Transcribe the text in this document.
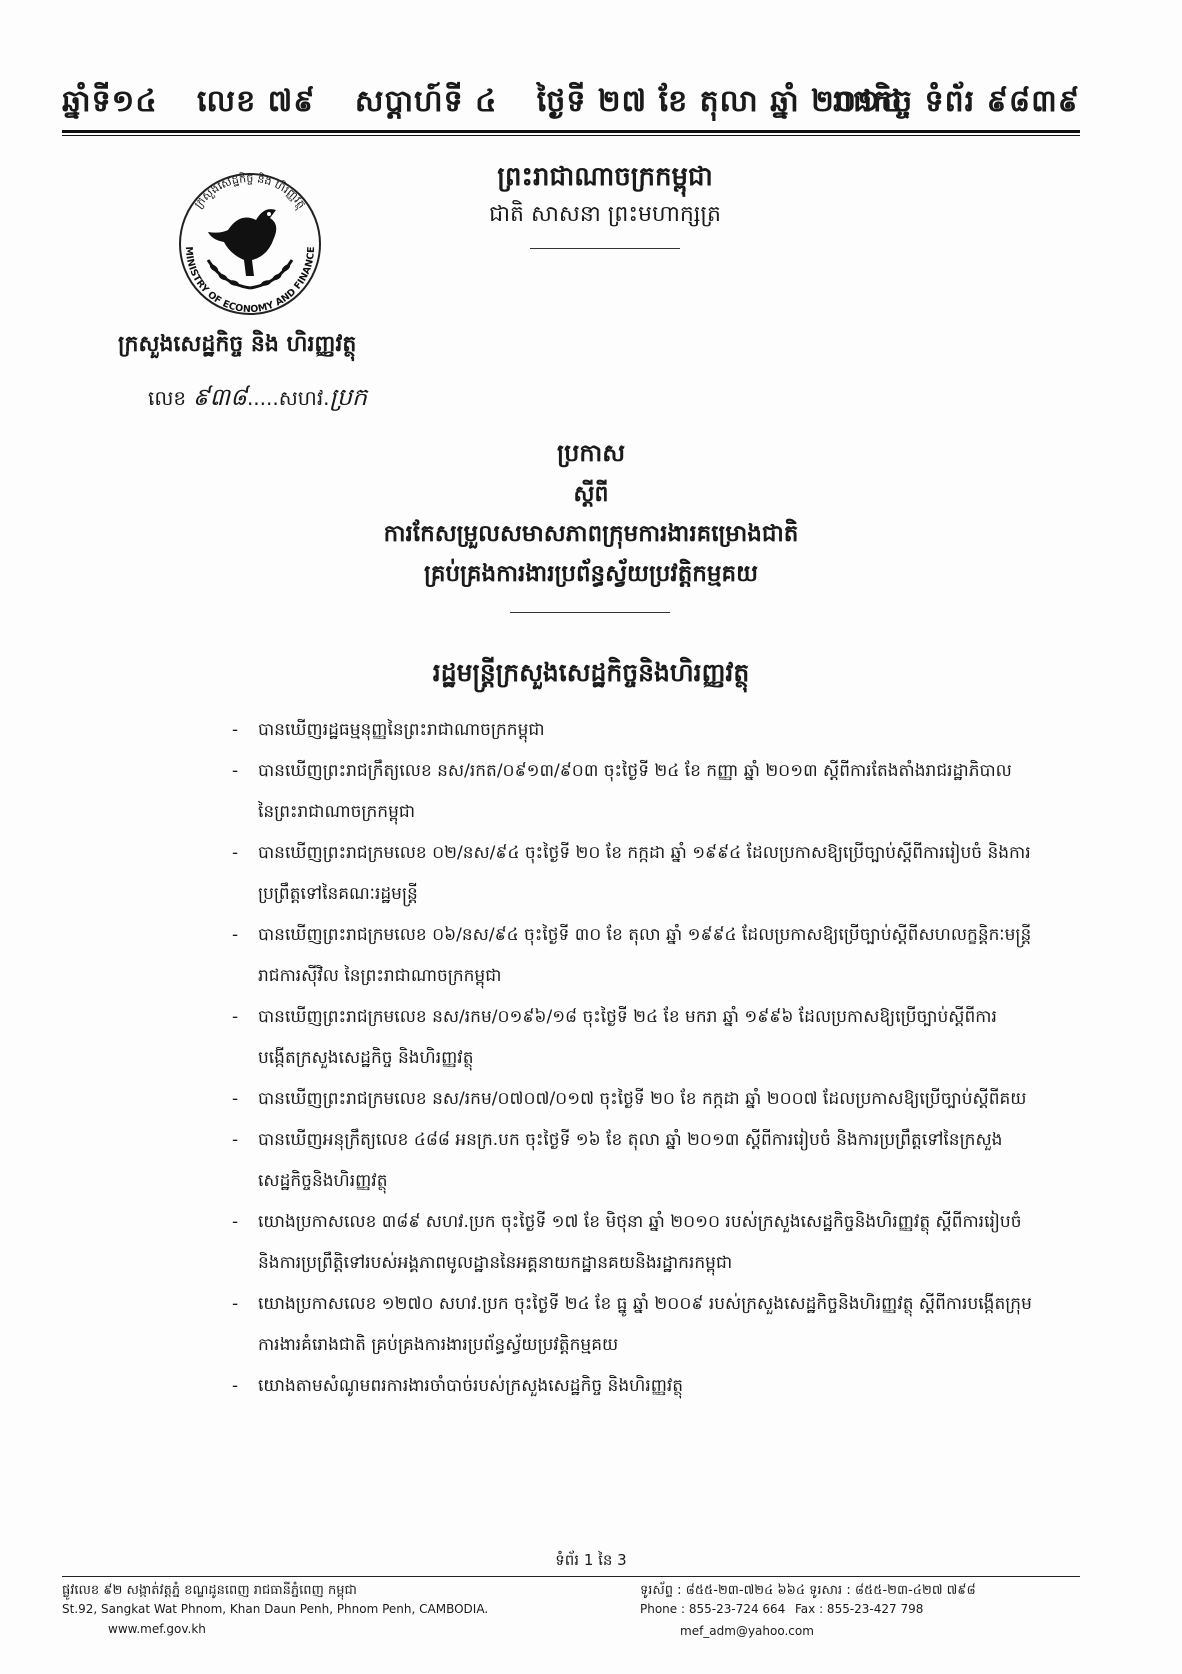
ឆ្នាំទី១៤ លេខ ៧៩ សប្តាហ៍ទី ៤ ថ្ងៃទី ២៧ ខែ តុលា ឆ្នាំ ២០១៤
រាជកិច្ច ទំព័រ ៩៨៣៩
ក្រសួងសេដ្ឋកិច្ច និង ហិរញ្ញវត្ថុ
MINISTRY OF ECONOMY AND FINANCE
ក្រសួងសេដ្ឋកិច្ច និង ហិរញ្ញវត្ថុ
លេខ ៩៣៨.....សហវ.ប្រក
ព្រះរាជាណាចក្រកម្ពុជា
ជាតិ សាសនា ព្រះមហាក្សត្រ
ប្រកាស
ស្តីពី
ការកែសម្រួលសមាសភាពក្រុមការងារគម្រោងជាតិ
គ្រប់គ្រងការងារប្រព័ន្ធស្វ័យប្រវត្តិកម្មគយ
រដ្ឋមន្ត្រីក្រសួងសេដ្ឋកិច្ចនិងហិរញ្ញវត្ថុ
- បានឃើញរដ្ឋធម្មនុញ្ញនៃព្រះរាជាណាចក្រកម្ពុជា
- បានឃើញព្រះរាជក្រឹត្យលេខ នស/រកត/០៩១៣/៩០៣ ចុះថ្ងៃទី ២៤ ខែ កញ្ញា ឆ្នាំ ២០១៣ ស្តីពីការតែងតាំងរាជរដ្ឋាភិបាល នៃព្រះរាជាណាចក្រកម្ពុជា
- បានឃើញព្រះរាជក្រមលេខ ០២/នស/៩៤ ចុះថ្ងៃទី ២០ ខែ កក្កដា ឆ្នាំ ១៩៩៤ ដែលប្រកាសឱ្យប្រើច្បាប់ស្តីពីការរៀបចំ និងការប្រព្រឹត្តទៅនៃគណៈរដ្ឋមន្ត្រី
- បានឃើញព្រះរាជក្រមលេខ ០៦/នស/៩៤ ចុះថ្ងៃទី ៣០ ខែ តុលា ឆ្នាំ ១៩៩៤ ដែលប្រកាសឱ្យប្រើច្បាប់ស្តីពីសហលក្ខន្តិកៈមន្ត្រីរាជការស៊ីវិល នៃព្រះរាជាណាចក្រកម្ពុជា
- បានឃើញព្រះរាជក្រមលេខ នស/រកម/០១៩៦/១៨ ចុះថ្ងៃទី ២៤ ខែ មករា ឆ្នាំ ១៩៩៦ ដែលប្រកាសឱ្យប្រើច្បាប់ស្តីពីការបង្កើតក្រសួងសេដ្ឋកិច្ច និងហិរញ្ញវត្ថុ
- បានឃើញព្រះរាជក្រមលេខ នស/រកម/០៧០៧/០១៧ ចុះថ្ងៃទី ២០ ខែ កក្កដា ឆ្នាំ ២០០៧ ដែលប្រកាសឱ្យប្រើច្បាប់ស្តីពីគយ
- បានឃើញអនុក្រឹត្យលេខ ៤៨៨ អនក្រ.បក ចុះថ្ងៃទី ១៦ ខែ តុលា ឆ្នាំ ២០១៣ ស្តីពីការរៀបចំ និងការប្រព្រឹត្តទៅនៃក្រសួងសេដ្ឋកិច្ចនិងហិរញ្ញវត្ថុ
- យោងប្រកាសលេខ ៣៨៩ សហវ.ប្រក ចុះថ្ងៃទី ១៧ ខែ មិថុនា ឆ្នាំ ២០១០ របស់ក្រសួងសេដ្ឋកិច្ចនិងហិរញ្ញវត្ថុ ស្តីពីការរៀបចំ និងការប្រព្រឹត្តិទៅរបស់អង្គភាពមូលដ្ឋាននៃអគ្គនាយកដ្ឋានគយនិងរដ្ឋាករកម្ពុជា
- យោងប្រកាសលេខ ១២៧០ សហវ.ប្រក ចុះថ្ងៃទី ២៤ ខែ ធ្នូ ឆ្នាំ ២០០៩ របស់ក្រសួងសេដ្ឋកិច្ចនិងហិរញ្ញវត្ថុ ស្តីពីការបង្កើតក្រុមការងារគំរោងជាតិ គ្រប់គ្រងការងារប្រព័ន្ធស្វ័យប្រវត្តិកម្មគយ
- យោងតាមសំណូមពរការងារចាំបាច់របស់ក្រសួងសេដ្ឋកិច្ច និងហិរញ្ញវត្ថុ
ទំព័រ 1 នៃ 3
ផ្លូវលេខ ៩២ សង្កាត់វត្តភ្នំ ខណ្ឌដូនពេញ រាជធានីភ្នំពេញ កម្ពុជា
St.92, Sangkat Wat Phnom, Khan Daun Penh, Phnom Penh, CAMBODIA.
www.mef.gov.kh
ទូរស័ព្ទ : ៨៥៥-២៣-៧២៤ ៦៦៤ ទូរសារ : ៨៥៥-២៣-៤២៧ ៧៩៨
Phone : 855-23-724 664 Fax : 855-23-427 798
mef_adm@yahoo.com
